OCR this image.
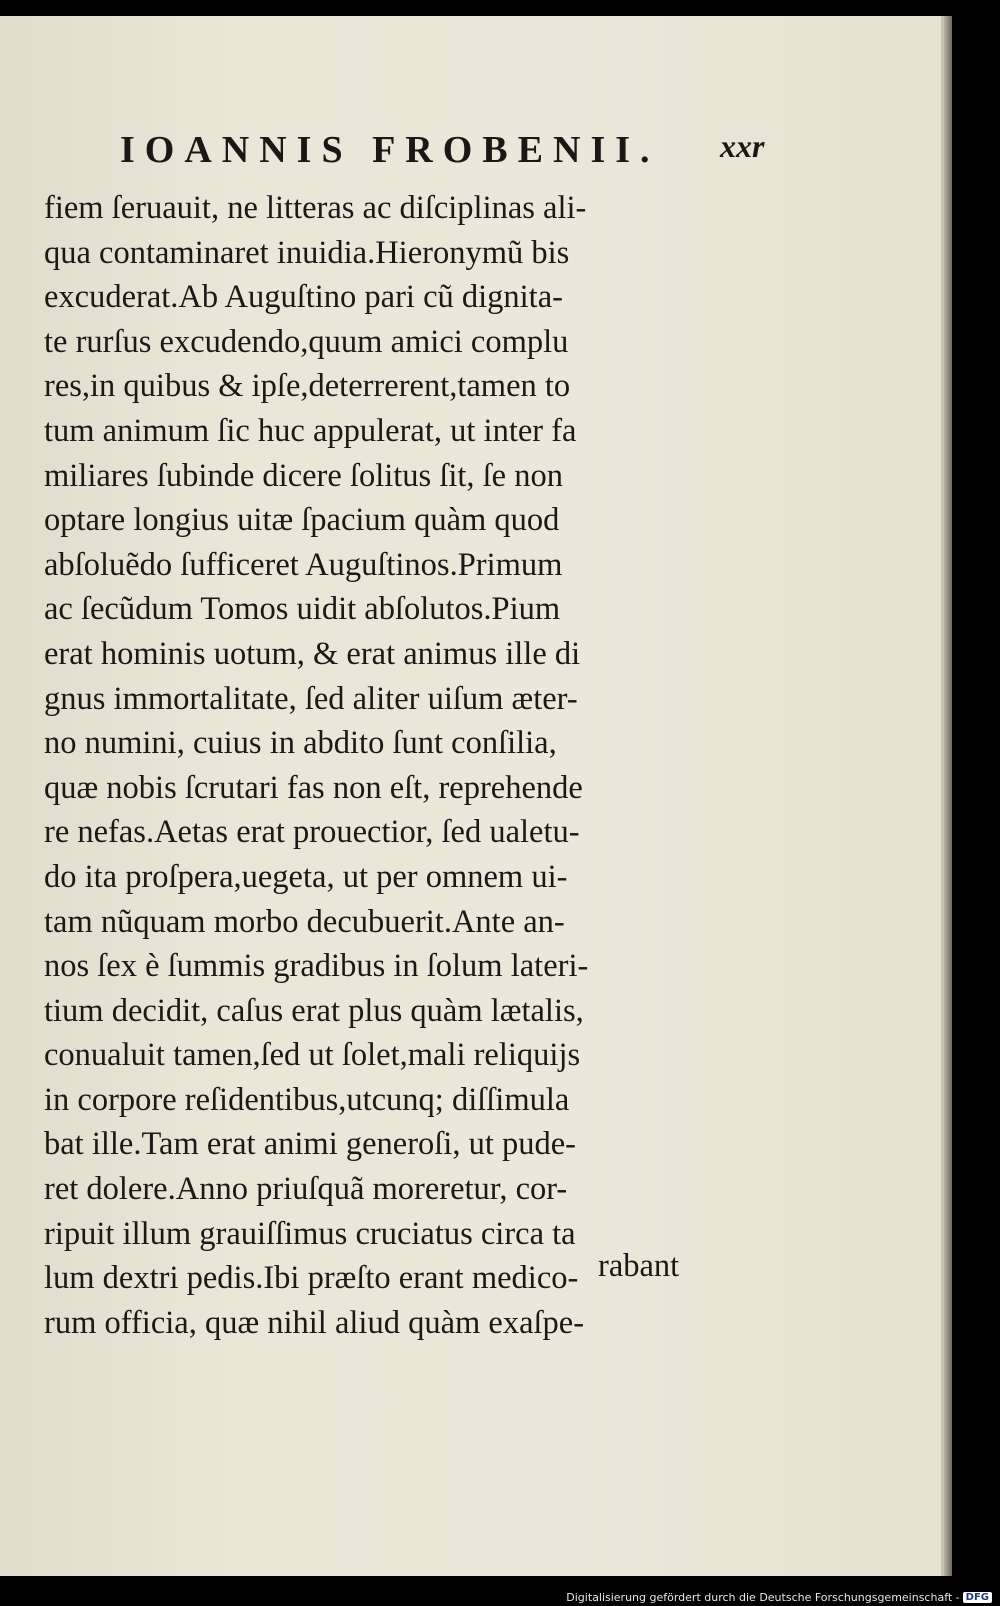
IOANNIS FROBENII. xxr
fiem ſeruauit, ne litteras ac diſciplinas ali-
qua contaminaret inuidia.Hieronymũ bis
excuderat.Ab Auguſtino pari cũ dignita-
te rurſus excudendo,quum amici complu
res,in quibus & ipſe,deterrerent,tamen to
tum animum ſic huc appulerat, ut inter fa
miliares ſubinde dicere ſolitus ſit, ſe non
optare longius uitæ ſpacium quàm quod
abſoluẽdo ſufficeret Auguſtinos.Primum
ac ſecũdum Tomos uidit abſolutos.Pium
erat hominis uotum, & erat animus ille di
gnus immortalitate, ſed aliter uiſum æter-
no numini, cuius in abdito ſunt conſilia,
quæ nobis ſcrutari fas non eſt, reprehende
re nefas.Aetas erat prouectior, ſed ualetu-
do ita proſpera,uegeta, ut per omnem ui-
tam nũquam morbo decubuerit.Ante an-
nos ſex è ſummis gradibus in ſolum lateri-
tium decidit, caſus erat plus quàm lætalis,
conualuit tamen,ſed ut ſolet,mali reliquijs
in corpore reſidentibus,utcunq; diſſimula
bat ille.Tam erat animi generoſi, ut pude-
ret dolere.Anno priuſquã moreretur, cor-
ripuit illum grauiſſimus cruciatus circa ta
lum dextri pedis.Ibi præſto erant medico-
rum officia, quæ nihil aliud quàm exaſpe-
rabant
Digitalisierung gefördert durch die Deutsche Forschungsgemeinschaft - DFG
